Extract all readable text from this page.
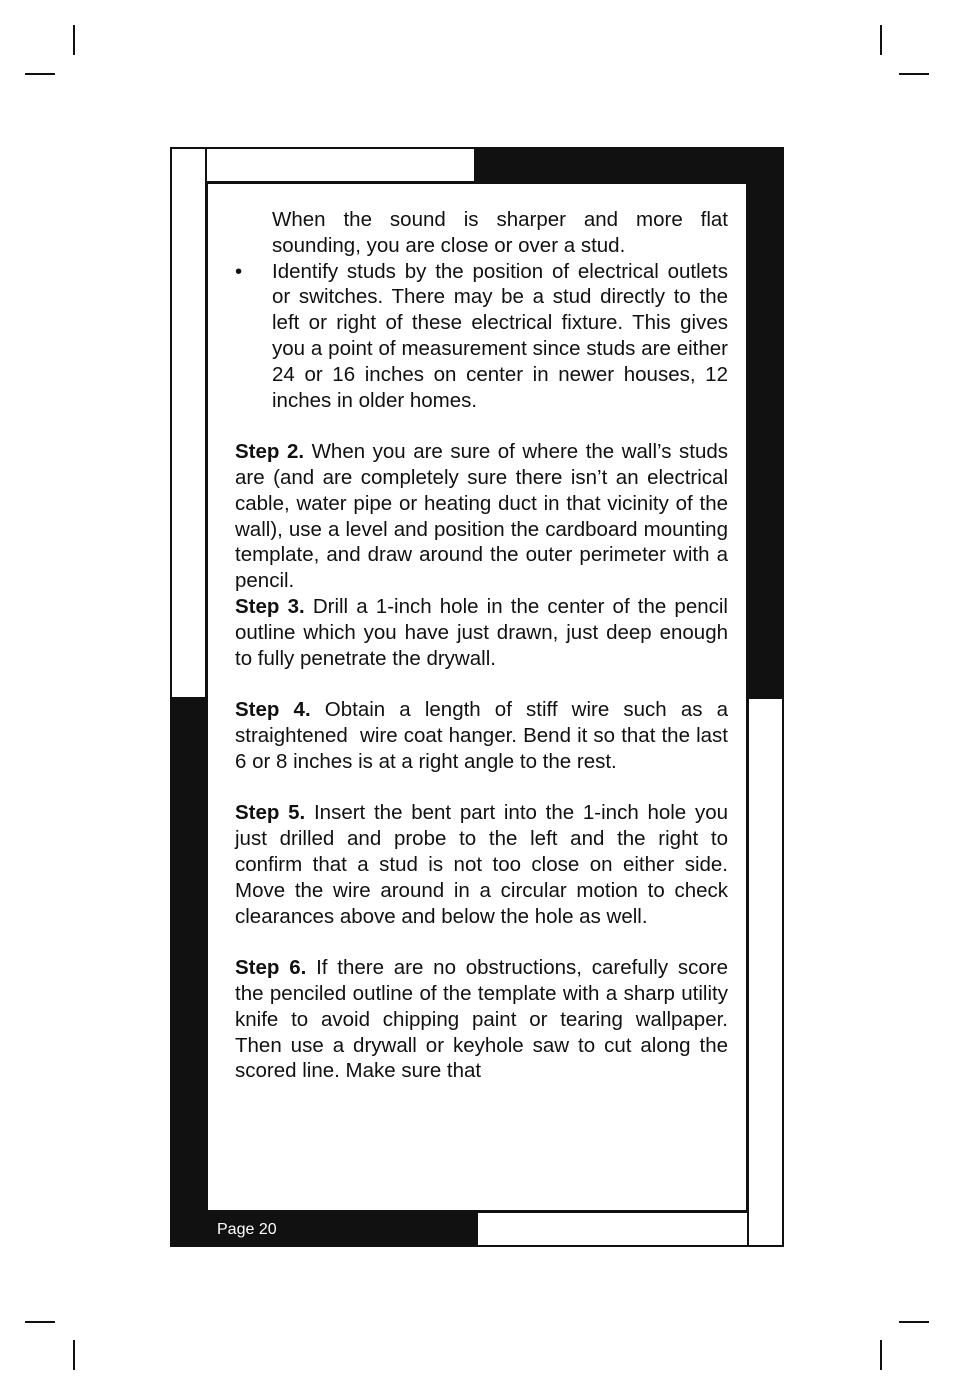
When the sound is sharper and more flat sounding, you are close or over a stud.

• Identify studs by the position of electrical outlets or switches. There may be a stud directly to the left or right of these electrical fixture. This gives you a point of measurement since studs are either 24 or 16 inches on center in newer houses, 12 inches in older homes.

Step 2. When you are sure of where the wall’s studs are (and are completely sure there isn’t an electrical cable, water pipe or heating duct in that vicinity of the wall), use a level and position the cardboard mounting template, and draw around the outer perimeter with a pencil.

Step 3. Drill a 1-inch hole in the center of the pencil outline which you have just drawn, just deep enough to fully penetrate the drywall.

Step 4. Obtain a length of stiff wire such as a straightened  wire coat hanger. Bend it so that the last 6 or 8 inches is at a right angle to the rest.

Step 5. Insert the bent part into the 1-inch hole you just drilled and probe to the left and the right to confirm that a stud is not too close on either side. Move the wire around in a circular motion to check clearances above and below the hole as well.

Step 6. If there are no obstructions, carefully score the penciled outline of the template with a sharp utility knife to avoid chipping paint or tearing wallpaper. Then use a drywall or keyhole saw to cut along the scored line. Make sure that

Page 20
